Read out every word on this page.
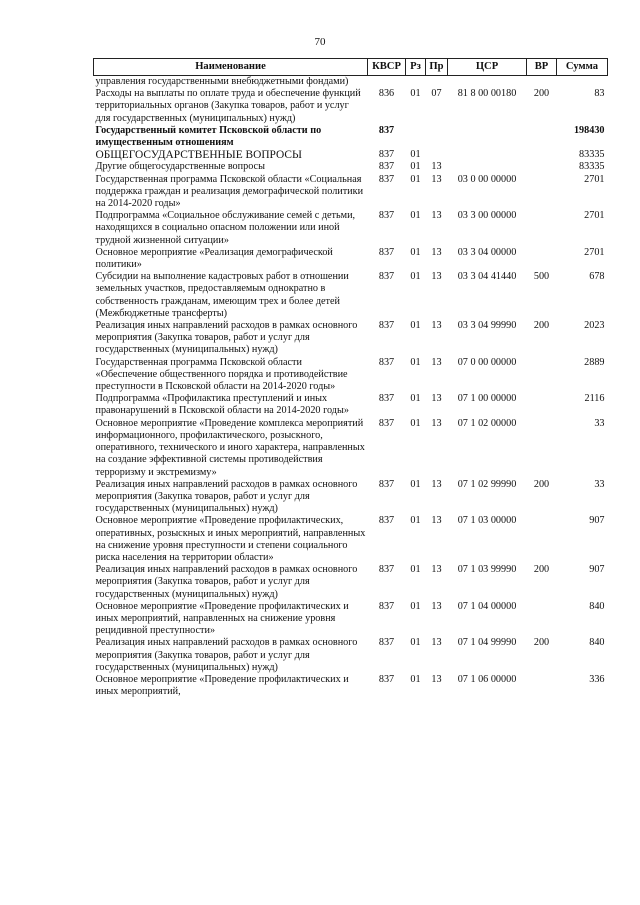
70
Наименование	КВСР	Рз	Пр	ЦСР	ВР	Сумма
управления государственными внебюджетными фондами)						
Расходы на выплаты по оплате труда и обеспечение функций территориальных органов (Закупка товаров, работ и услуг для государственных (муниципальных) нужд)	836	01	07	81 8 00 00180	200	83
Государственный комитет Псковской области по имущественным отношениям	837					198430
ОБЩЕГОСУДАРСТВЕННЫЕ ВОПРОСЫ	837	01				83335
Другие общегосударственные вопросы	837	01	13			83335
Государственная программа Псковской области «Социальная поддержка граждан и реализация демографической политики на 2014-2020 годы»	837	01	13	03 0 00 00000		2701
Подпрограмма «Социальное обслуживание семей с детьми, находящихся в социально опасном положении или иной трудной жизненной ситуации»	837	01	13	03 3 00 00000		2701
Основное мероприятие «Реализация демографической политики»	837	01	13	03 3 04 00000		2701
Субсидии на выполнение кадастровых работ в отношении земельных участков, предоставляемым однократно в собственность гражданам, имеющим трех и более детей (Межбюджетные трансферты)	837	01	13	03 3 04 41440	500	678
Реализация иных направлений расходов в рамках основного мероприятия (Закупка товаров, работ и услуг для государственных (муниципальных) нужд)	837	01	13	03 3 04 99990	200	2023
Государственная программа Псковской области «Обеспечение общественного порядка и противодействие преступности в Псковской области на 2014-2020 годы»	837	01	13	07 0 00 00000		2889
Подпрограмма «Профилактика преступлений и иных правонарушений в Псковской области на 2014-2020 годы»	837	01	13	07 1 00 00000		2116
Основное мероприятие «Проведение комплекса мероприятий информационного, профилактического, розыскного, оперативного, технического и иного характера, направленных на создание эффективной системы противодействия терроризму и экстремизму»	837	01	13	07 1 02 00000		33
Реализация иных направлений расходов в рамках основного мероприятия (Закупка товаров, работ и услуг для государственных (муниципальных) нужд)	837	01	13	07 1 02 99990	200	33
Основное мероприятие «Проведение профилактических, оперативных, розыскных и иных мероприятий, направленных на снижение уровня преступности и степени социального риска населения на территории области»	837	01	13	07 1 03 00000		907
Реализация иных направлений расходов в рамках основного мероприятия (Закупка товаров, работ и услуг для государственных (муниципальных) нужд)	837	01	13	07 1 03 99990	200	907
Основное мероприятие «Проведение профилактических и иных мероприятий, направленных на снижение уровня рецидивной преступности»	837	01	13	07 1 04 00000		840
Реализация иных направлений расходов в рамках основного мероприятия (Закупка товаров, работ и услуг для государственных (муниципальных) нужд)	837	01	13	07 1 04 99990	200	840
Основное мероприятие «Проведение профилактических и иных мероприятий,	837	01	13	07 1 06 00000		336
